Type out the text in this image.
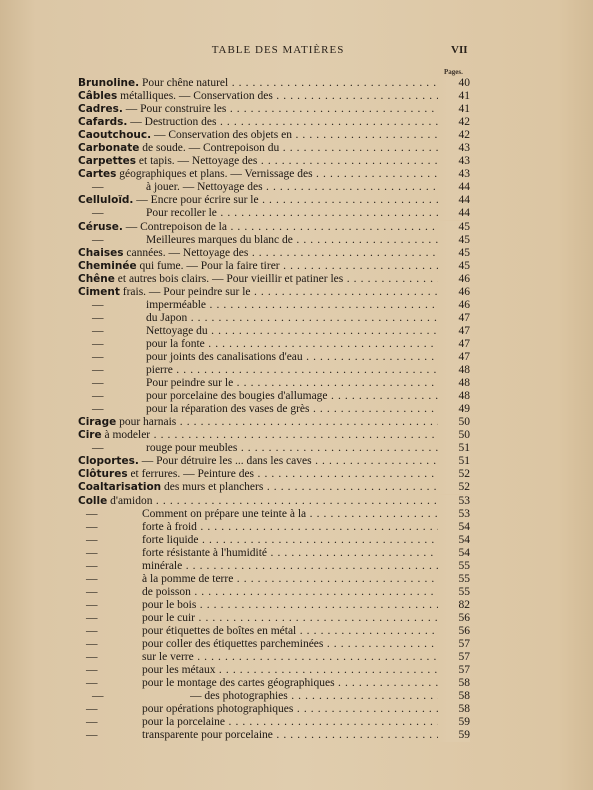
TABLE DES MATIÈRES	VII
Pages.
Brunoline. Pour chêne naturel . . .	40
Câbles métalliques. — Conservation des . . .	41
Cadres. — Pour construire les . . .	41
Cafards. — Destruction des . . .	42
Caoutchouc. — Conservation des objets en . . .	42
Carbonate de soude. — Contrepoison du . . .	43
Carpettes et tapis. — Nettoyage des . . .	43
Cartes géographiques et plans. — Vernissage des . . .	43
—	à jouer. — Nettoyage des . . .	44
Celluloïd. — Encre pour écrire sur le . . .	44
—	Pour recoller le . . .	44
Céruse. — Contrepoison de la . . .	45
—	Meilleures marques du blanc de . . .	45
Chaises cannées. — Nettoyage des . . .	45
Cheminée qui fume. — Pour la faire tirer . . .	45
Chêne et autres bois clairs. — Pour vieillir et patiner les . . .	46
Ciment frais. — Pour peindre sur le . . .	46
—	imperméable . . .	46
—	du Japon . . .	47
—	Nettoyage du . . .	47
—	pour la fonte . . .	47
—	pour joints des canalisations d'eau . . .	47
—	pierre . . .	48
—	Pour peindre sur le . . .	48
—	pour porcelaine des bougies d'allumage . . .	48
—	pour la réparation des vases de grès . . .	49
Cirage pour harnais . . .	50
Cire à modeler . . .	50
—	rouge pour meubles . . .	51
Cloportes. — Pour détruire les ... dans les caves . . .	51
Clôtures et ferrures. — Peinture des . . .	52
Coaltarisation des murs et planchers . . .	52
Colle d'amidon . . .	53
—	Comment on prépare une teinte à la . . .	53
—	forte à froid . . .	54
—	forte liquide . . .	54
—	forte résistante à l'humidité . . .	54
—	minérale . . .	55
—	à la pomme de terre . . .	55
—	de poisson . . .	55
—	pour le bois . . .	82
—	pour le cuir . . .	56
—	pour étiquettes de boîtes en métal . . .	56
—	pour coller des étiquettes parcheminées . . .	57
—	sur le verre . . .	57
—	pour les métaux . . .	57
—	pour le montage des cartes géographiques . . .	58
—	— des photographies . . .	58
—	pour opérations photographiques . . .	58
—	pour la porcelaine . . .	59
—	transparente pour porcelaine . . .	59
